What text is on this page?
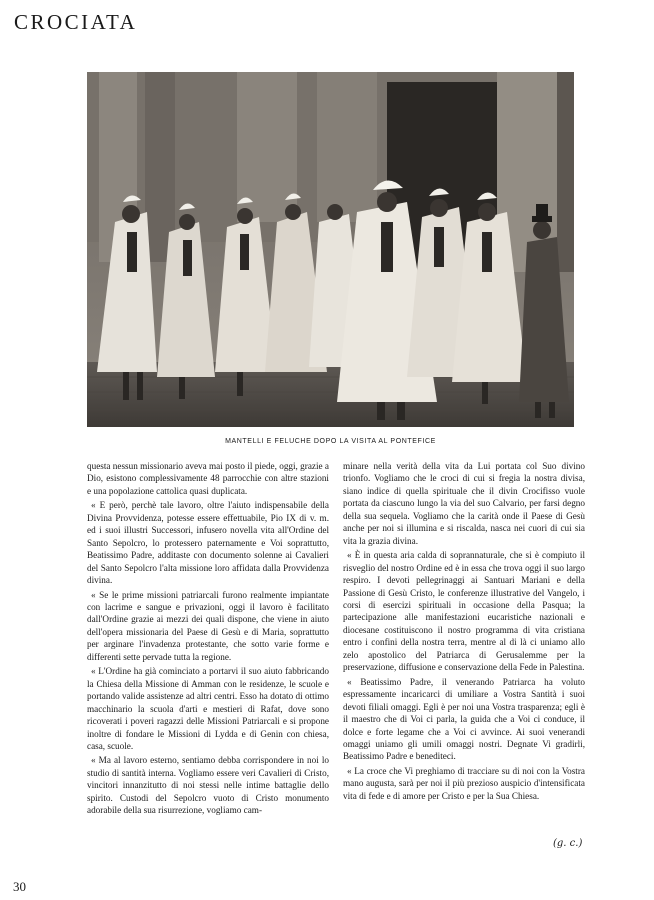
CROCIATA
MANTELLI E FELUCHE DOPO LA VISITA AL PONTEFICE

questa nessun missionario aveva mai posto il piede, oggi, grazie a Dio, esistono complessivamente 48 parrocchie con altre stazioni e una popolazione cattolica quasi duplicata.

« E però, perchè tale lavoro, oltre l'aiuto indispensabile della Divina Provvidenza, potesse essere effettuabile, Pio IX di v. m. ed i suoi illustri Successori, infusero novella vita all'Ordine del Santo Sepolcro, lo protessero paternamente e Voi soprattutto, Beatissimo Padre, additaste con documento solenne ai Cavalieri del Santo Sepolcro l'alta missione loro affidata dalla Provvidenza divina.

« Se le prime missioni patriarcali furono realmente impiantate con lacrime e sangue e privazioni, oggi il lavoro è facilitato dall'Ordine grazie ai mezzi dei quali dispone, che viene in aiuto dell'opera missionaria del Paese di Gesù e di Maria, soprattutto per arginare l'invadenza protestante, che sotto varie forme e differenti sette pervade tutta la regione.

« L'Ordine ha già cominciato a portarvi il suo aiuto fabbricando la Chiesa della Missione di Amman con le residenze, le scuole e portando valide assistenze ad altri centri. Esso ha dotato di ottimo macchinario la scuola d'arti e mestieri di Rafat, dove sono ricoverati i poveri ragazzi delle Missioni Patriarcali e si propone inoltre di fondare le Missioni di Lydda e di Genin con chiesa, casa, scuole.

« Ma al lavoro esterno, sentiamo debba corrispondere in noi lo studio di santità interna. Vogliamo essere veri Cavalieri di Cristo, vincitori innanzitutto di noi stessi nelle intime battaglie dello spirito. Custodi del Sepolcro vuoto di Cristo monumento adorabile della sua risurrezione, vogliamo cam-

minare nella verità della vita da Lui portata col Suo divino trionfo. Vogliamo che le croci di cui si fregia la nostra divisa, siano indice di quella spirituale che il divin Crocifisso vuole portata da ciascuno lungo la via del suo Calvario, per farsi degno della sua sequela. Vogliamo che la carità onde il Paese di Gesù anche per noi si illumina e si riscalda, nasca nei cuori di cui sia vita la grazia divina.

« È in questa aria calda di soprannaturale, che si è compiuto il risveglio del nostro Ordine ed è in essa che trova oggi il suo largo respiro. I devoti pellegrinaggi ai Santuari Mariani e della Passione di Gesù Cristo, le conferenze illustrative del Vangelo, i corsi di esercizi spirituali in occasione della Pasqua; la partecipazione alle manifestazioni eucaristiche nazionali e diocesane costituiscono il nostro programma di vita cristiana entro i confini della nostra terra, mentre al di là ci uniamo allo zelo apostolico del Patriarca di Gerusalemme per la preservazione, diffusione e conservazione della Fede in Palestina.

« Beatissimo Padre, il venerando Patriarca ha voluto espressamente incaricarci di umiliare a Vostra Santità i suoi devoti filiali omaggi. Egli è per noi una Vostra trasparenza; egli è il maestro che di Voi ci parla, la guida che a Voi ci conduce, il dolce e forte legame che a Voi ci avvince. Ai suoi venerandi omaggi uniamo gli umili omaggi nostri. Degnate Vi gradirli, Beatissimo Padre e benediteci.

« La croce che Vi preghiamo di tracciare su di noi con la Vostra mano augusta, sarà per noi il più prezioso auspicio d'intensificata vita di fede e di amore per Cristo e per la Sua Chiesa.

(g. c.)
30
